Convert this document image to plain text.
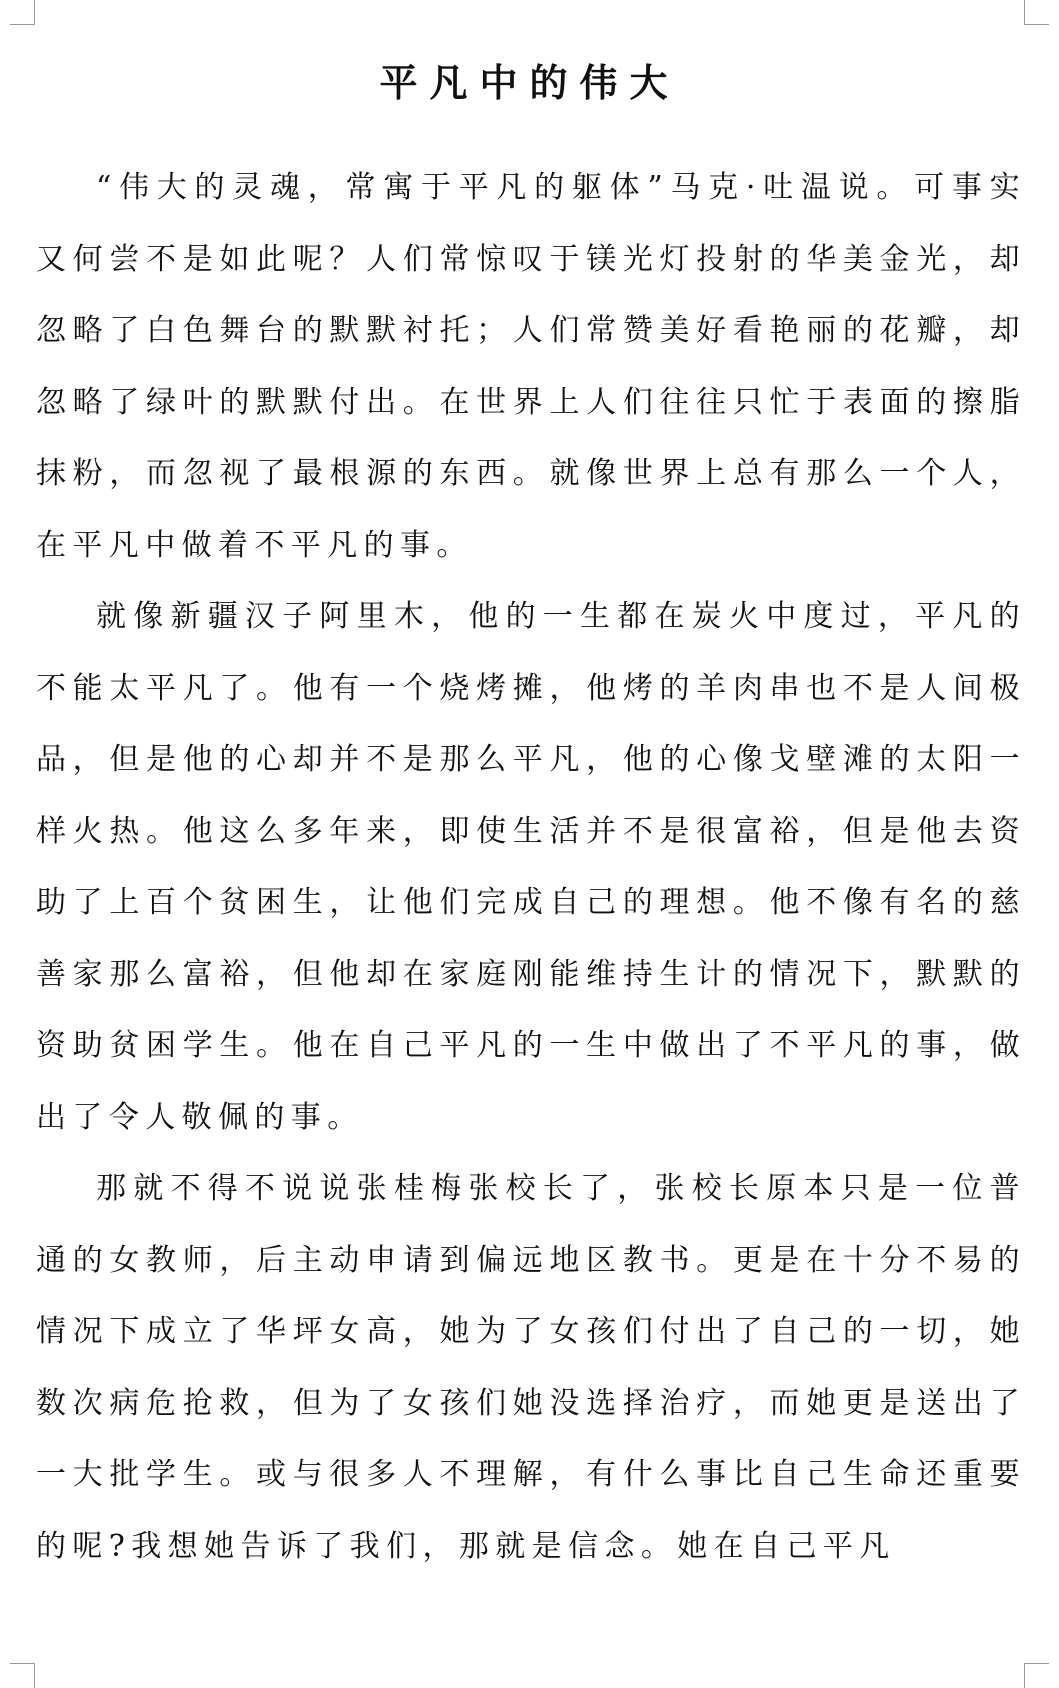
平凡中的伟大

“伟大的灵魂，常寓于平凡的躯体”马克·吐温说。可事实又何尝不是如此呢？人们常惊叹于镁光灯投射的华美金光，却忽略了白色舞台的默默衬托；人们常赞美好看艳丽的花瓣，却忽略了绿叶的默默付出。在世界上人们往往只忙于表面的擦脂抹粉，而忽视了最根源的东西。就像世界上总有那么一个人，在平凡中做着不平凡的事。

就像新疆汉子阿里木，他的一生都在炭火中度过，平凡的不能太平凡了。他有一个烧烤摊，他烤的羊肉串也不是人间极品，但是他的心却并不是那么平凡，他的心像戈壁滩的太阳一样火热。他这么多年来，即使生活并不是很富裕，但是他去资助了上百个贫困生，让他们完成自己的理想。他不像有名的慈善家那么富裕，但他却在家庭刚能维持生计的情况下，默默的资助贫困学生。他在自己平凡的一生中做出了不平凡的事，做出了令人敬佩的事。

那就不得不说说张桂梅张校长了，张校长原本只是一位普通的女教师，后主动申请到偏远地区教书。更是在十分不易的情况下成立了华坪女高，她为了女孩们付出了自己的一切，她数次病危抢救，但为了女孩们她没选择治疗，而她更是送出了一大批学生。或与很多人不理解，有什么事比自己生命还重要的呢?我想她告诉了我们，那就是信念。她在自己平凡
